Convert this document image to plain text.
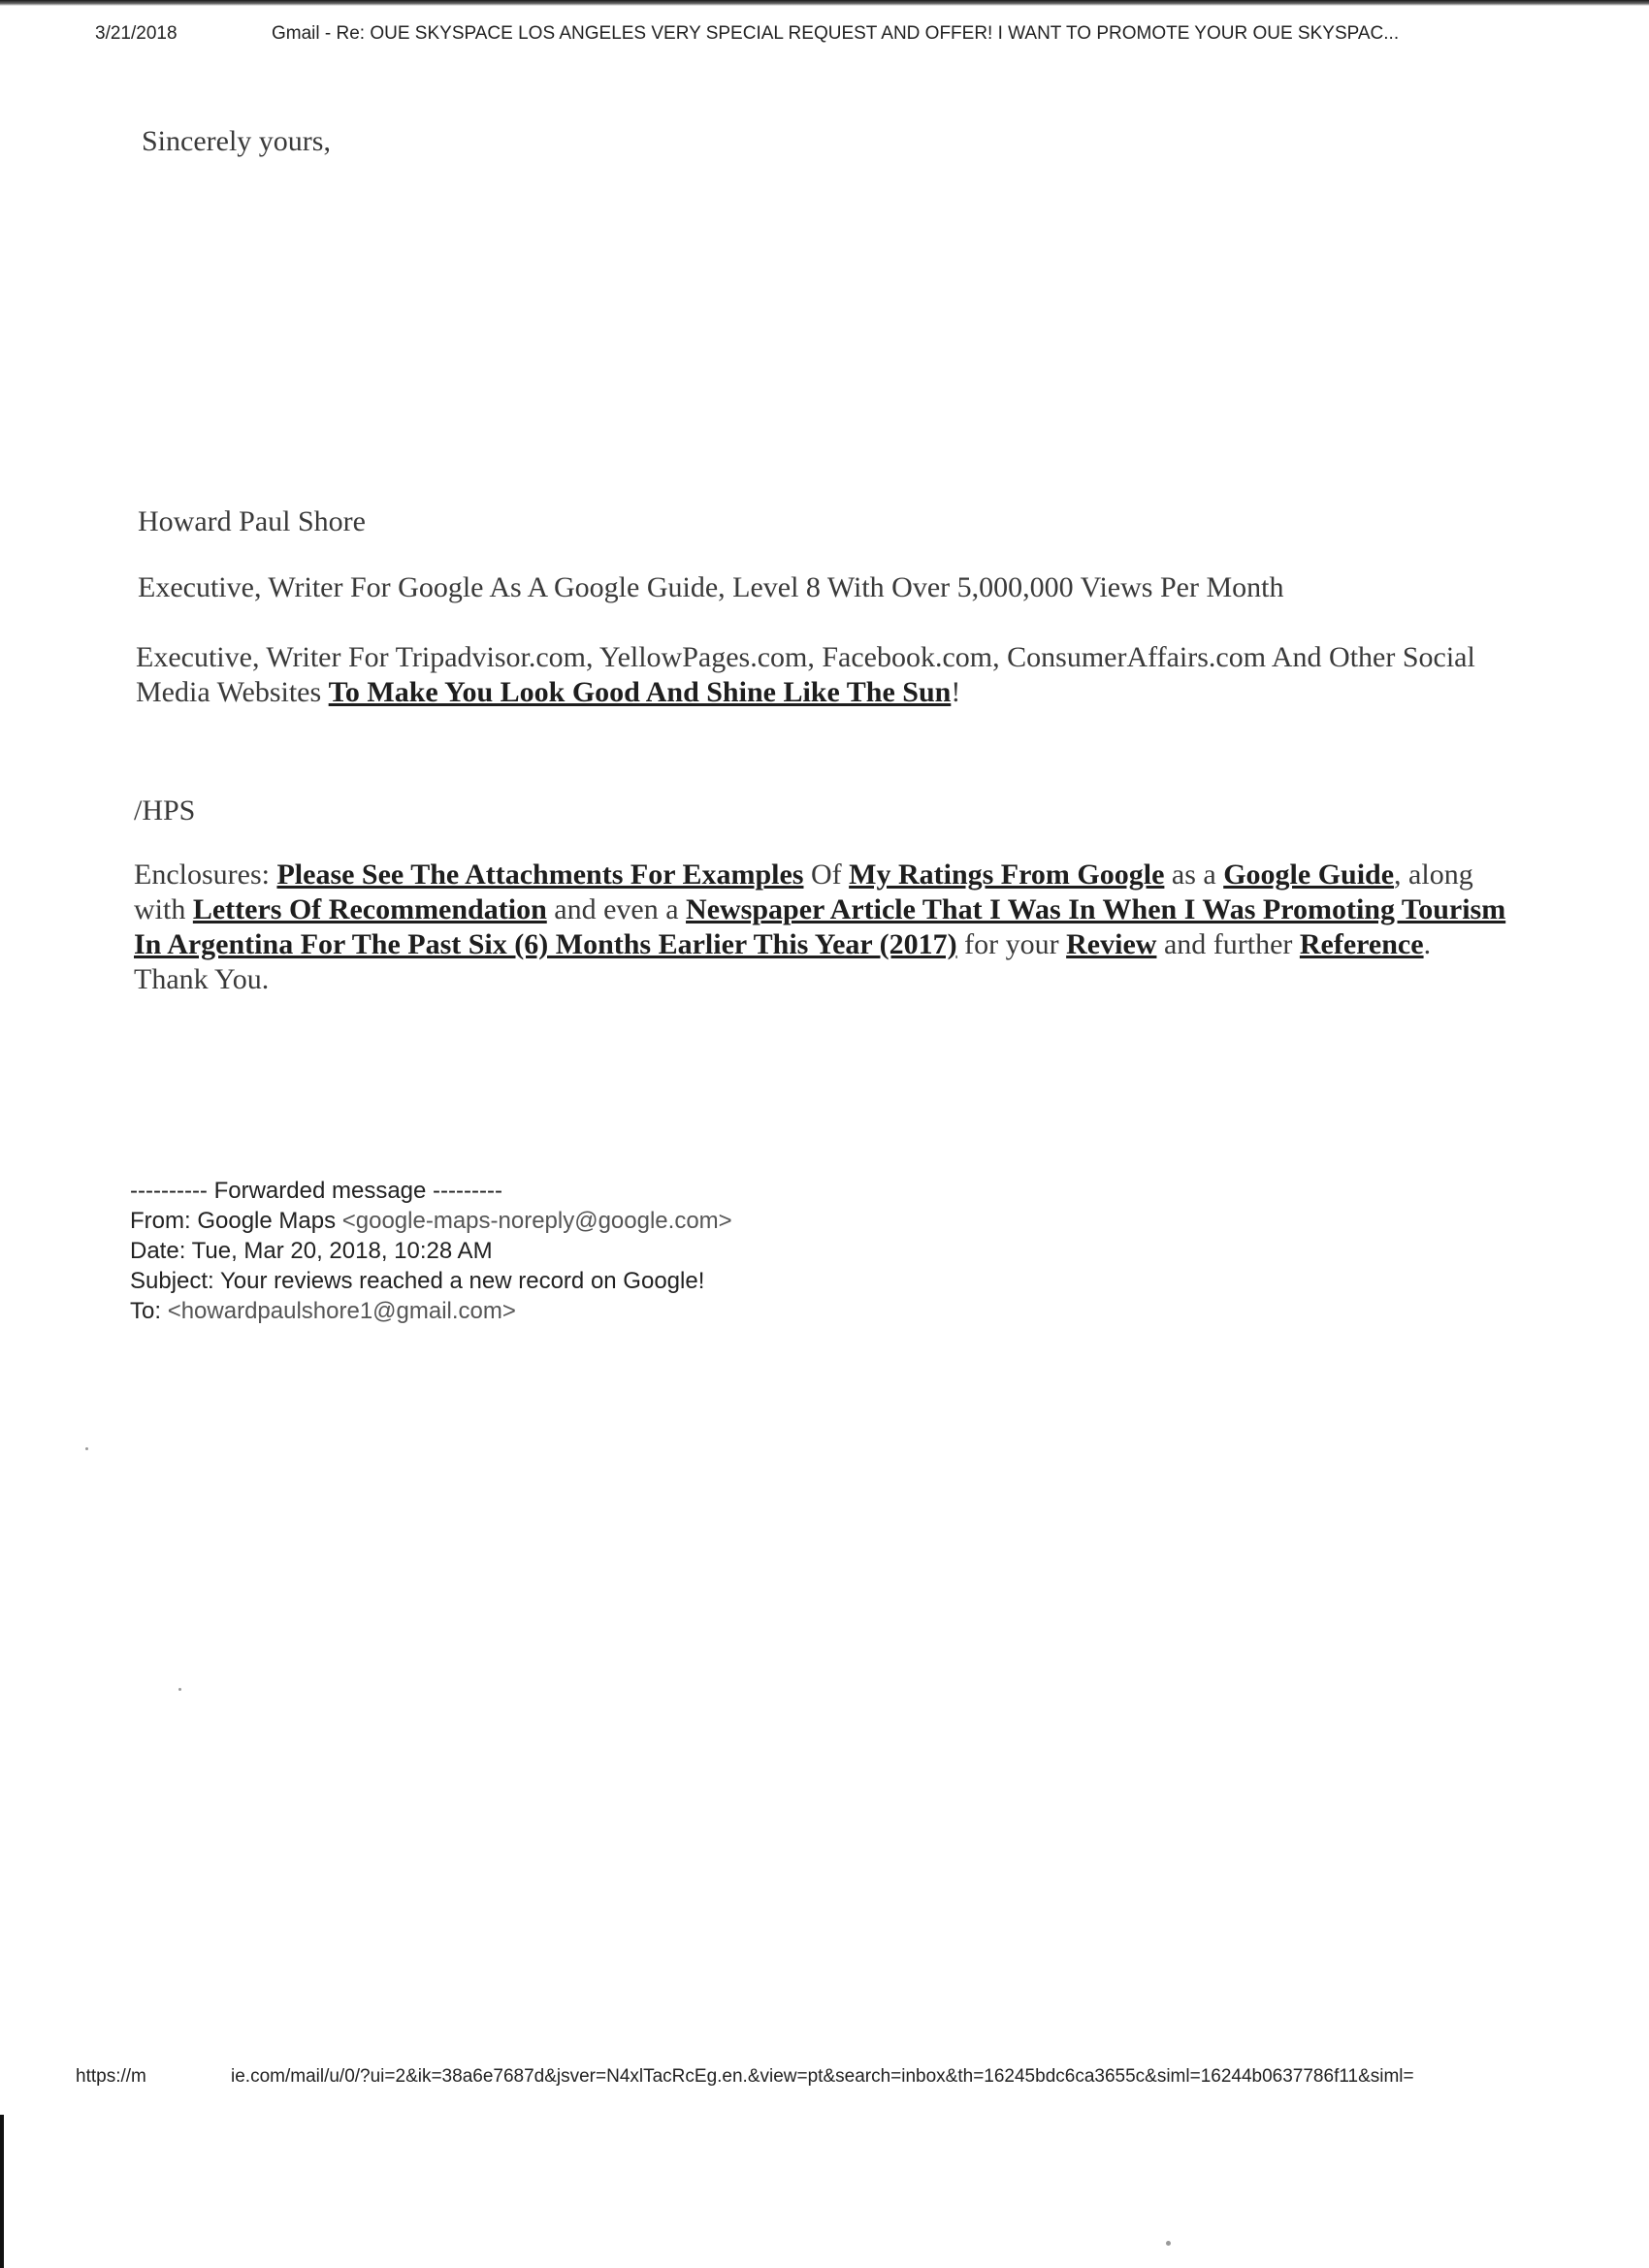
3/21/2018	Gmail - Re: OUE SKYSPACE LOS ANGELES VERY SPECIAL REQUEST AND OFFER! I WANT TO PROMOTE YOUR OUE SKYSPAC...
Sincerely yours,
Howard Paul Shore
Executive, Writer For Google As A Google Guide, Level 8 With Over 5,000,000 Views Per Month
Executive, Writer For Tripadvisor.com, YellowPages.com, Facebook.com, ConsumerAffairs.com And Other Social Media Websites To Make You Look Good And Shine Like The Sun!
/HPS
Enclosures: Please See The Attachments For Examples Of My Ratings From Google as a Google Guide, along with Letters Of Recommendation and even a Newspaper Article That I Was In When I Was Promoting Tourism In Argentina For The Past Six (6) Months Earlier This Year (2017) for your Review and further Reference. Thank You.
---------- Forwarded message ---------
From: Google Maps <google-maps-noreply@google.com>
Date: Tue, Mar 20, 2018, 10:28 AM
Subject: Your reviews reached a new record on Google!
To: <howardpaulshore1@gmail.com>
https://m	ie.com/mail/u/0/?ui=2&ik=38a6e7687d&jsver=N4xlTacRcEg.en.&view=pt&search=inbox&th=16245bdc6ca3655c&siml=16244b0637786f11&siml=
